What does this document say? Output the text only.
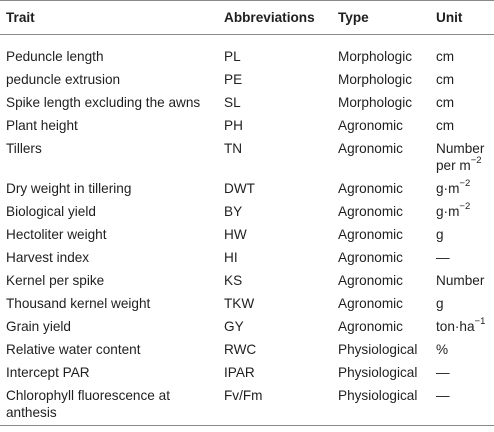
Trait	Abbreviations	Type	Unit
Peduncle length	PL	Morphologic	cm
peduncle extrusion	PE	Morphologic	cm
Spike length excluding the awns	SL	Morphologic	cm
Plant height	PH	Agronomic	cm
Tillers	TN	Agronomic	Number per $m^{-2}$
Dry weight in tillering	DWT	Agronomic	$g\cdot m^{-2}$
Biological yield	BY	Agronomic	$g\cdot m^{-2}$
Hectoliter weight	HW	Agronomic	g
Harvest index	HI	Agronomic	—
Kernel per spike	KS	Agronomic	Number
Thousand kernel weight	TKW	Agronomic	g
Grain yield	GY	Agronomic	$ton\cdot ha^{-1}$
Relative water content	RWC	Physiological	%
Intercept PAR	IPAR	Physiological	—
Chlorophyll fluorescence at anthesis	Fv/Fm	Physiological	—
